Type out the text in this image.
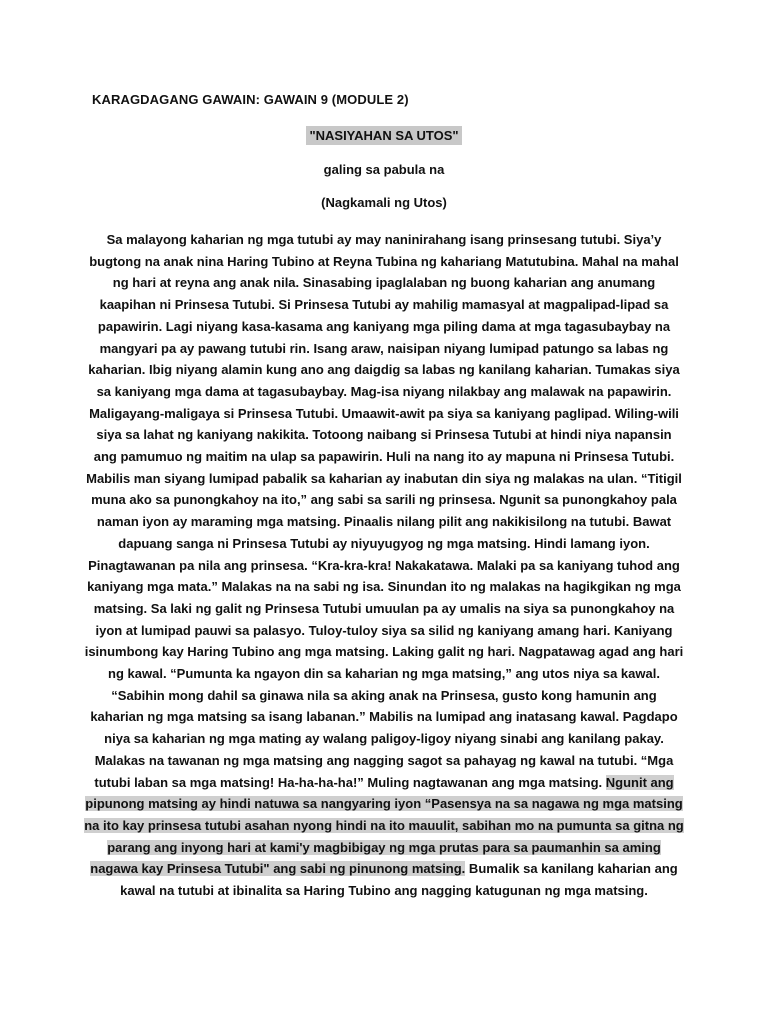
KARAGDAGANG GAWAIN: GAWAIN 9 (MODULE 2)
"NASIYAHAN SA UTOS"
galing sa pabula na
(Nagkamali ng Utos)

Sa malayong kaharian ng mga tutubi ay may naninirahang isang prinsesang tutubi. Siya’y bugtong na anak nina Haring Tubino at Reyna Tubina ng kahariang Matutubina. Mahal na mahal ng hari at reyna ang anak nila. Sinasabing ipaglalaban ng buong kaharian ang anumang kaapihan ni Prinsesa Tutubi. Si Prinsesa Tutubi ay mahilig mamasyal at magpalipad-lipad sa papawirin. Lagi niyang kasa-kasama ang kaniyang mga piling dama at mga tagasubaybay na mangyari pa ay pawang tutubi rin. Isang araw, naisipan niyang lumipad patungo sa labas ng kaharian. Ibig niyang alamin kung ano ang daigdig sa labas ng kanilang kaharian. Tumakas siya sa kaniyang mga dama at tagasubaybay. Mag-isa niyang nilakbay ang malawak na papawirin. Maligayang-maligaya si Prinsesa Tutubi. Umaawit-awit pa siya sa kaniyang paglipad. Wiling-wili siya sa lahat ng kaniyang nakikita. Totoong naibang si Prinsesa Tutubi at hindi niya napansin ang pamumuo ng maitim na ulap sa papawirin. Huli na nang ito ay mapuna ni Prinsesa Tutubi. Mabilis man siyang lumipad pabalik sa kaharian ay inabutan din siya ng malakas na ulan. “Titigil muna ako sa punongkahoy na ito,” ang sabi sa sarili ng prinsesa. Ngunit sa punongkahoy pala naman iyon ay maraming mga matsing. Pinaalis nilang pilit ang nakikisilong na tutubi. Bawat dapuang sanga ni Prinsesa Tutubi ay niyuyugyog ng mga matsing. Hindi lamang iyon. Pinagtawanan pa nila ang prinsesa. “Kra-kra-kra! Nakakatawa. Malaki pa sa kaniyang tuhod ang kaniyang mga mata.” Malakas na na sabi ng isa. Sinundan ito ng malakas na hagikgikan ng mga matsing. Sa laki ng galit ng Prinsesa Tutubi umuulan pa ay umalis na siya sa punongkahoy na iyon at lumipad pauwi sa palasyo. Tuloy-tuloy siya sa silid ng kaniyang amang hari. Kaniyang isinumbong kay Haring Tubino ang mga matsing. Laking galit ng hari. Nagpatawag agad ang hari ng kawal. “Pumunta ka ngayon din sa kaharian ng mga matsing,” ang utos niya sa kawal. “Sabihin mong dahil sa ginawa nila sa aking anak na Prinsesa, gusto kong hamunin ang kaharian ng mga matsing sa isang labanan.” Mabilis na lumipad ang inatasang kawal. Pagdapo niya sa kaharian ng mga mating ay walang paligoy-ligoy niyang sinabi ang kanilang pakay. Malakas na tawanan ng mga matsing ang nagging sagot sa pahayag ng kawal na tutubi. “Mga tutubi laban sa mga matsing! Ha-ha-ha-ha!” Muling nagtawanan ang mga matsing. Ngunit ang pipunong matsing ay hindi natuwa sa nangyaring iyon “Pasensya na sa nagawa ng mga matsing na ito kay prinsesa tutubi asahan nyong hindi na ito mauulit, sabihan mo na pumunta sa gitna ng parang ang inyong hari at kami'y magbibigay ng mga prutas para sa paumanhin sa aming nagawa kay Prinsesa Tutubi" ang sabi ng pinunong matsing. Bumalik sa kanilang kaharian ang kawal na tutubi at ibinalita sa Haring Tubino ang nagging katugunan ng mga matsing.
